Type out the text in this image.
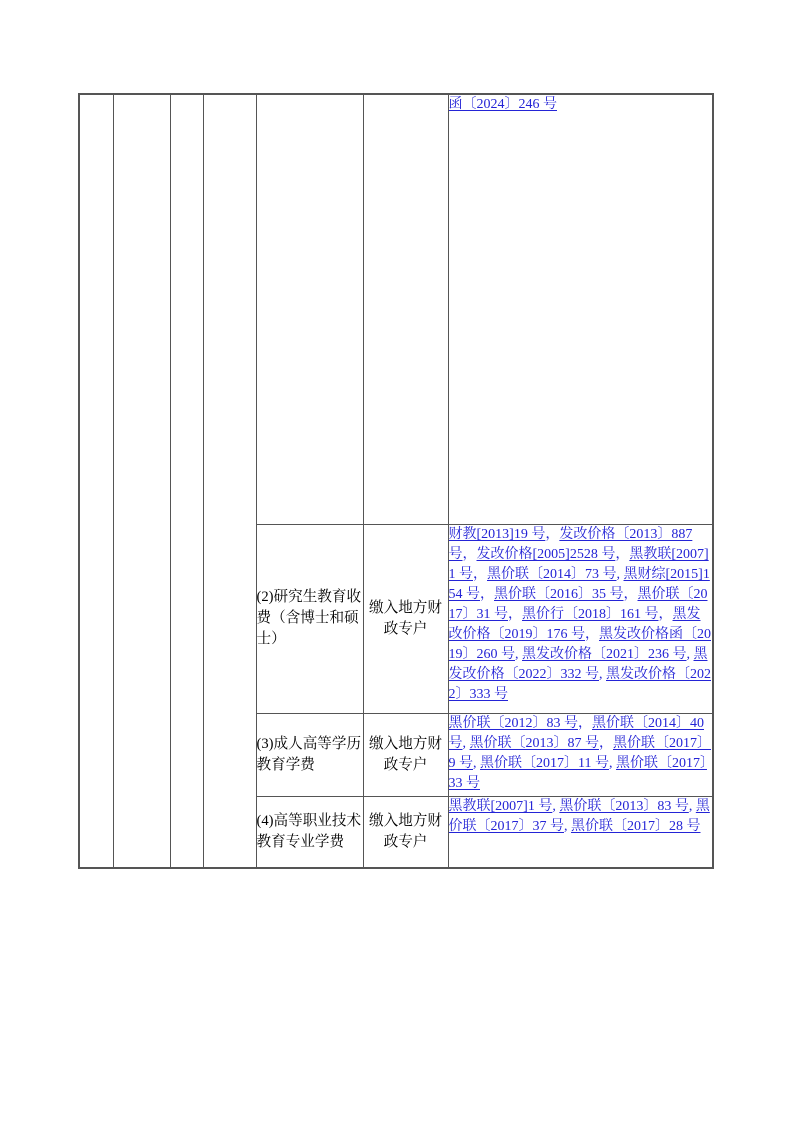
						函〔2024〕246 号
				(2)研究生教育收费（含博士和硕士）	缴入地方财政专户	财教[2013]19 号，发改价格〔2013〕887 号，发改价格[2005]2528 号，黑教联[2007]1 号，黑价联〔2014〕73 号, 黑财综[2015]154 号，黑价联〔2016〕35 号，黑价联〔2017〕31 号，黑价行〔2018〕161 号，黑发改价格〔2019〕176 号，黑发改价格函〔2019〕260 号, 黑发改价格〔2021〕236 号, 黑发改价格〔2022〕332 号, 黑发改价格〔2022〕333 号
				(3)成人高等学历教育学费	缴入地方财政专户	黑价联〔2012〕83 号，黑价联〔2014〕40 号, 黑价联〔2013〕87 号，黑价联〔2017〕9 号, 黑价联〔2017〕11 号, 黑价联〔2017〕33 号
				(4)高等职业技术教育专业学费	缴入地方财政专户	黑教联[2007]1 号, 黑价联〔2013〕83 号, 黑价联〔2017〕37 号, 黑价联〔2017〕28 号
